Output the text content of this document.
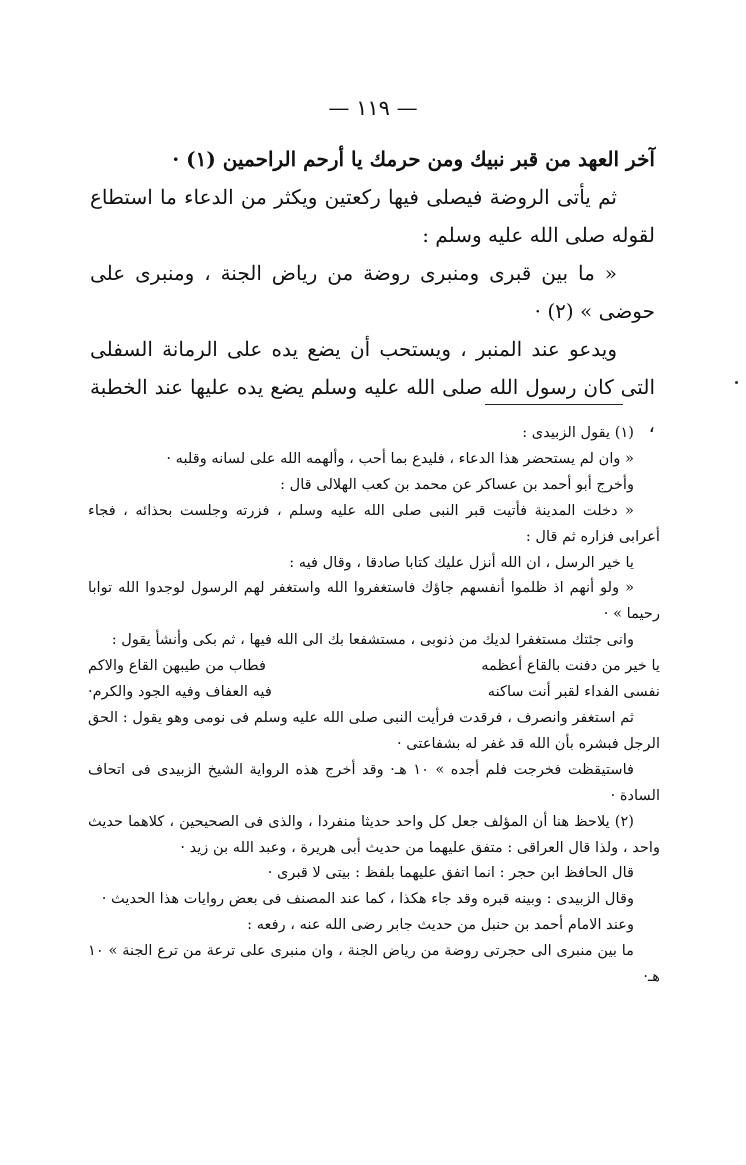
— ١١٩ —

آخر العهد من قبر نبيك ومن حرمك يا أرحم الراحمين (١) ·

ثم يأتى الروضة فيصلى فيها ركعتين ويكثر من الدعاء ما استطاع لقوله صلى الله عليه وسلم :

« ما بين قبرى ومنبرى روضة من رياض الجنة ، ومنبرى على حوضى » (٢) ·

ويدعو عند المنبر ، ويستحب أن يضع يده على الرمانة السفلى التى كان رسول الله صلى الله عليه وسلم يضع يده عليها عند الخطبة ،

(١) يقول الزبيدى :

« وان لم يستحضر هذا الدعاء ، فليدع بما أحب ، وألهمه الله على لسانه وقلبه ·

وأخرج أبو أحمد بن عساكر عن محمد بن كعب الهلالى قال :

« دخلت المدينة فأتيت قبر النبى صلى الله عليه وسلم ، فزرته وجلست بحذائه ، فجاء أعرابى فزاره ثم قال :

يا خير الرسل ، ان الله أنزل عليك كتابا صادقا ، وقال فيه :

« ولو أنهم اذ ظلموا أنفسهم جاؤك فاستغفروا الله واستغفر لهم الرسول لوجدوا الله توابا رحيما » ·

وانى جئتك مستغفرا لديك من ذنوبى ، مستشفعا بك الى الله فيها ، ثم بكى وأنشأ يقول :

يا خير من دفنت بالقاع أعظمه
فطاب من طيبهن القاع والاكم
نفسى الفداء لقبر أنت ساكنه
فيه العفاف وفيه الجود والكرم·

ثم استغفر وانصرف ، فرقدت فرأيت النبى صلى الله عليه وسلم فى نومى وهو يقول : الحق الرجل فبشره بأن الله قد غفر له بشفاعتى ·

فاستيقظت فخرجت فلم أجده » ١٠ هـ· وقد أخرج هذه الرواية الشيخ الزبيدى فى اتحاف السادة ·

(٢) يلاحظ هنا أن المؤلف جعل كل واحد حديثا منفردا ، والذى فى الصحيحين ، كلاهما حديث واحد ، ولذا قال العراقى : متفق عليهما من حديث أبى هريرة ، وعبد الله بن زيد ·

قال الحافظ ابن حجر : انما اتفق عليهما بلفظ : بيتى لا قبرى ·

وقال الزبيدى : وبينه قبره وقد جاء هكذا ، كما عند المصنف فى بعض روايات هذا الحديث ·

وعند الامام أحمد بن حنبل من حديث جابر رضى الله عنه ، رفعه :

ما بين منبرى الى حجرتى روضة من رياض الجنة ، وان منبرى على ترعة من ترع الجنة » ١٠ هـ·
